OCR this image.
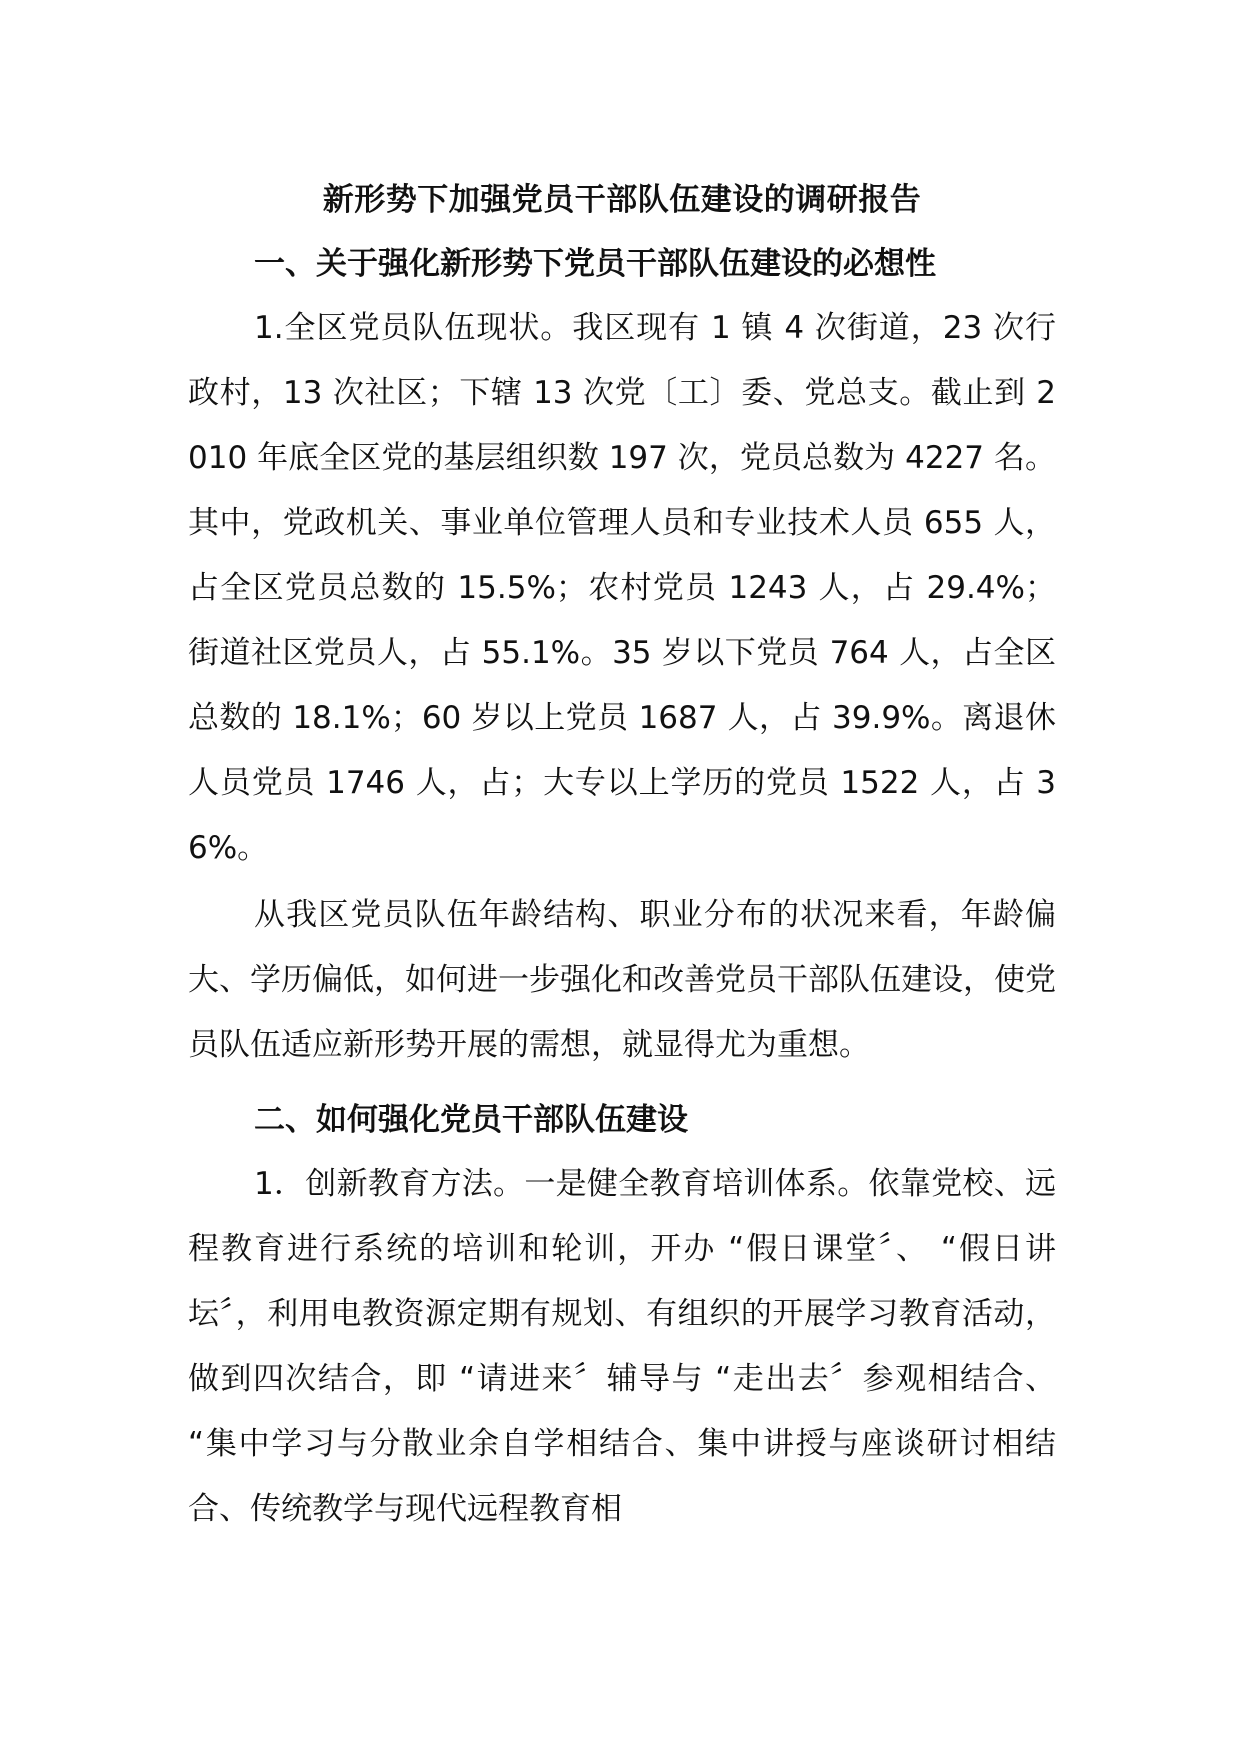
新形势下加强党员干部队伍建设的调研报告
一、关于强化新形势下党员干部队伍建设的必想性

1.全区党员队伍现状。我区现有 1 镇 4 次街道，23 次行政村，13 次社区；下辖 13 次党〔工〕委、党总支。截止到 2010 年底全区党的基层组织数 197 次，党员总数为 4227 名。其中，党政机关、事业单位管理人员和专业技术人员 655 人，占全区党员总数的 15.5%；农村党员 1243 人，占 29.4%；街道社区党员人，占 55.1%。35 岁以下党员 764 人，占全区总数的 18.1%；60 岁以上党员 1687 人，占 39.9%。离退休人员党员 1746 人，占；大专以上学历的党员 1522 人，占 36%。

从我区党员队伍年龄结构、职业分布的状况来看，年龄偏大、学历偏低，如何进一步强化和改善党员干部队伍建设，使党员队伍适应新形势开展的需想，就显得尤为重想。

二、如何强化党员干部队伍建设

1．创新教育方法。一是健全教育培训体系。依靠党校、远程教育进行系统的培训和轮训，开办 “假日课堂〞、 “假日讲坛〞，利用电教资源定期有规划、有组织的开展学习教育活动，做到四次结合，即 “请进来〞辅导与 “走出去〞参观相结合、 “集中学习与分散业余自学相结合、集中讲授与座谈研讨相结合、传统教学与现代远程教育相
